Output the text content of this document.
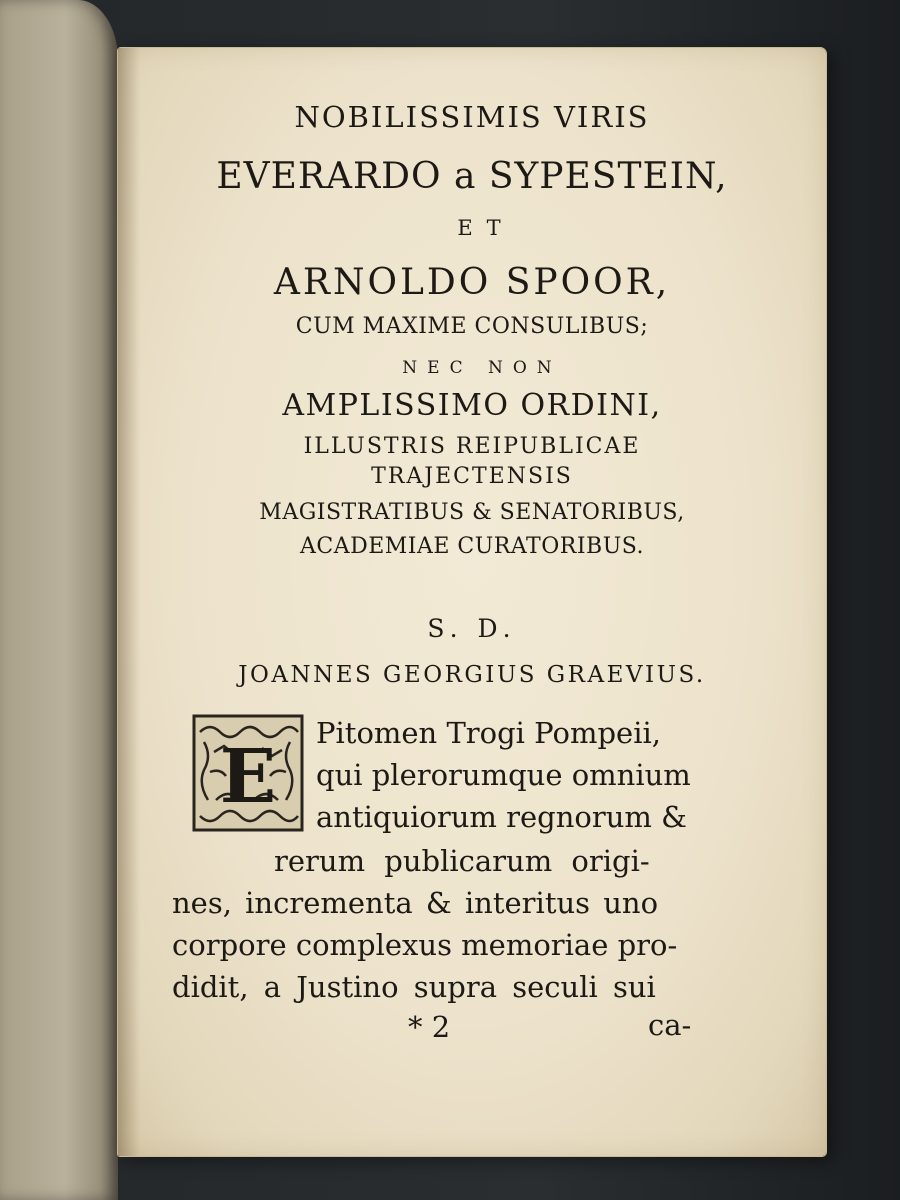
NOBILISSIMIS VIRIS
EVERARDO a SYPESTEIN,
ET
ARNOLDO SPOOR,
CUM MAXIME CONSULIBUS;
NEC NON
AMPLISSIMO ORDINI,
ILLUSTRIS REIPUBLICAE
TRAJECTENSIS
MAGISTRATIBUS & SENATORIBUS,
ACADEMIAE CURATORIBUS.
S. D.
JOANNES GEORGIUS GRAEVIUS.
E
Pitomen Trogi Pompeii,
qui plerorumque omnium
antiquiorum regnorum &
rerum publicarum origi-
nes, incrementa & interitus uno
corpore complexus memoriae pro-
didit, a Justino supra seculi sui
* 2	ca-
